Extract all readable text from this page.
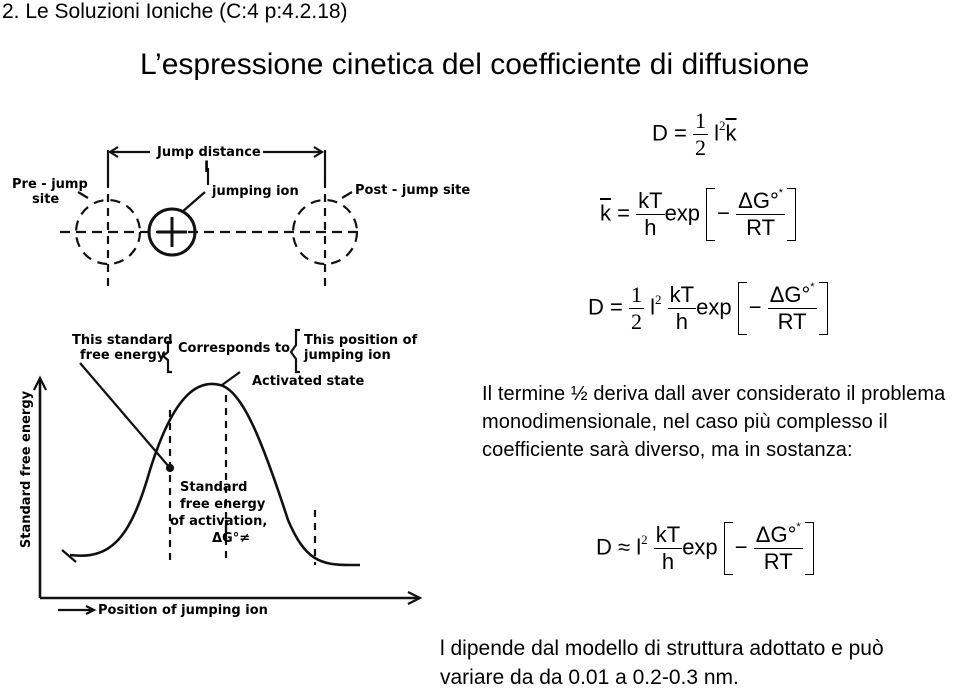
2. Le Soluzioni Ioniche (C:4 p:4.2.18)
L’espressione cinetica del coefficiente di diffusione
Jump distance
l
Pre - jump
site
jumping ion	Post - jump site
This standard
free energy Corresponds to
This position of
jumping ion
Activated state
Standard
free energy
of activation,
ΔG°≠
Standard free energy
Position of jumping ion
$D = \frac{1}{2} l^2\overline{k}$
$\overline{k} = \frac{kT}{h}$ $\exp - \frac{\Delta G^\circ^*}{RT}$
$D = \frac{1}{2} l^2 \frac{kT}{h}$ $\exp - \frac{\Delta G^\circ^*}{RT}$
Il termine ½ deriva dall aver considerato il problema monodimensionale, nel caso più complesso il coefficiente sarà diverso, ma in sostanza:
$D \approx l^2 \frac{kT}{h}$ $\exp - \frac{\Delta G^\circ^*}{RT}$
l dipende dal modello di struttura adottato e può
variare da da 0.01 a 0.2-0.3 nm.
